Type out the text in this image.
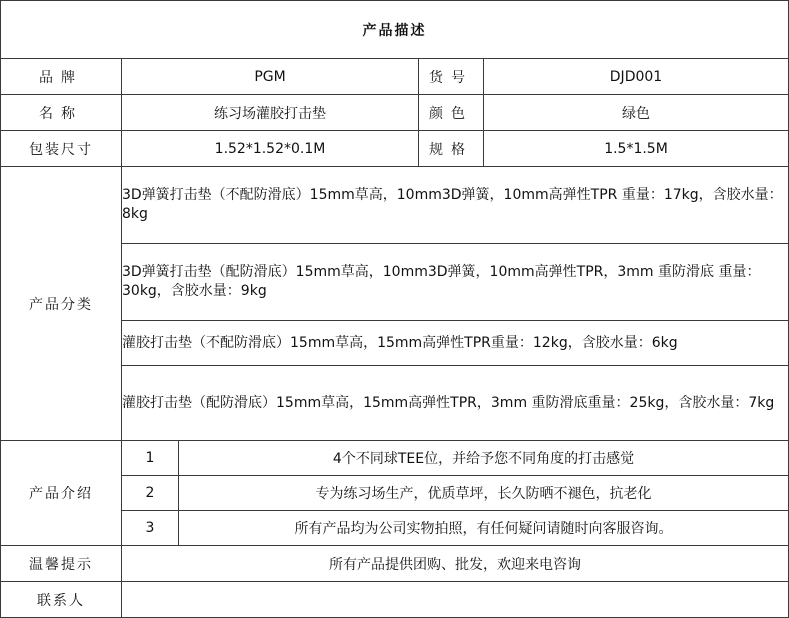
产品描述				
品牌	PGM		货号	DJD001
名称	练习场灌胶打击垫		颜色	绿色
包装尺寸	1.52*1.52*0.1M		规格	1.5*1.5M
产品分类	3D弹簧打击垫（不配防滑底）15mm草高，10mm3D弹簧，10mm高弹性TPR 重量：17kg，含胶水量：8kg			
	3D弹簧打击垫（配防滑底）15mm草高，10mm3D弹簧，10mm高弹性TPR，3mm 重防滑底 重量：30kg，含胶水量：9kg			
	灌胶打击垫（不配防滑底）15mm草高，15mm高弹性TPR重量：12kg，含胶水量：6kg			
	灌胶打击垫（配防滑底）15mm草高，15mm高弹性TPR，3mm 重防滑底重量：25kg，含胶水量：7kg			
产品介绍	1	4个不同球TEE位，并给予您不同角度的打击感觉		
	2	专为练习场生产，优质草坪，长久防晒不褪色，抗老化		
	3	所有产品均为公司实物拍照，有任何疑问请随时向客服咨询。		
温馨提示	所有产品提供团购、批发，欢迎来电咨询			
联系人				
